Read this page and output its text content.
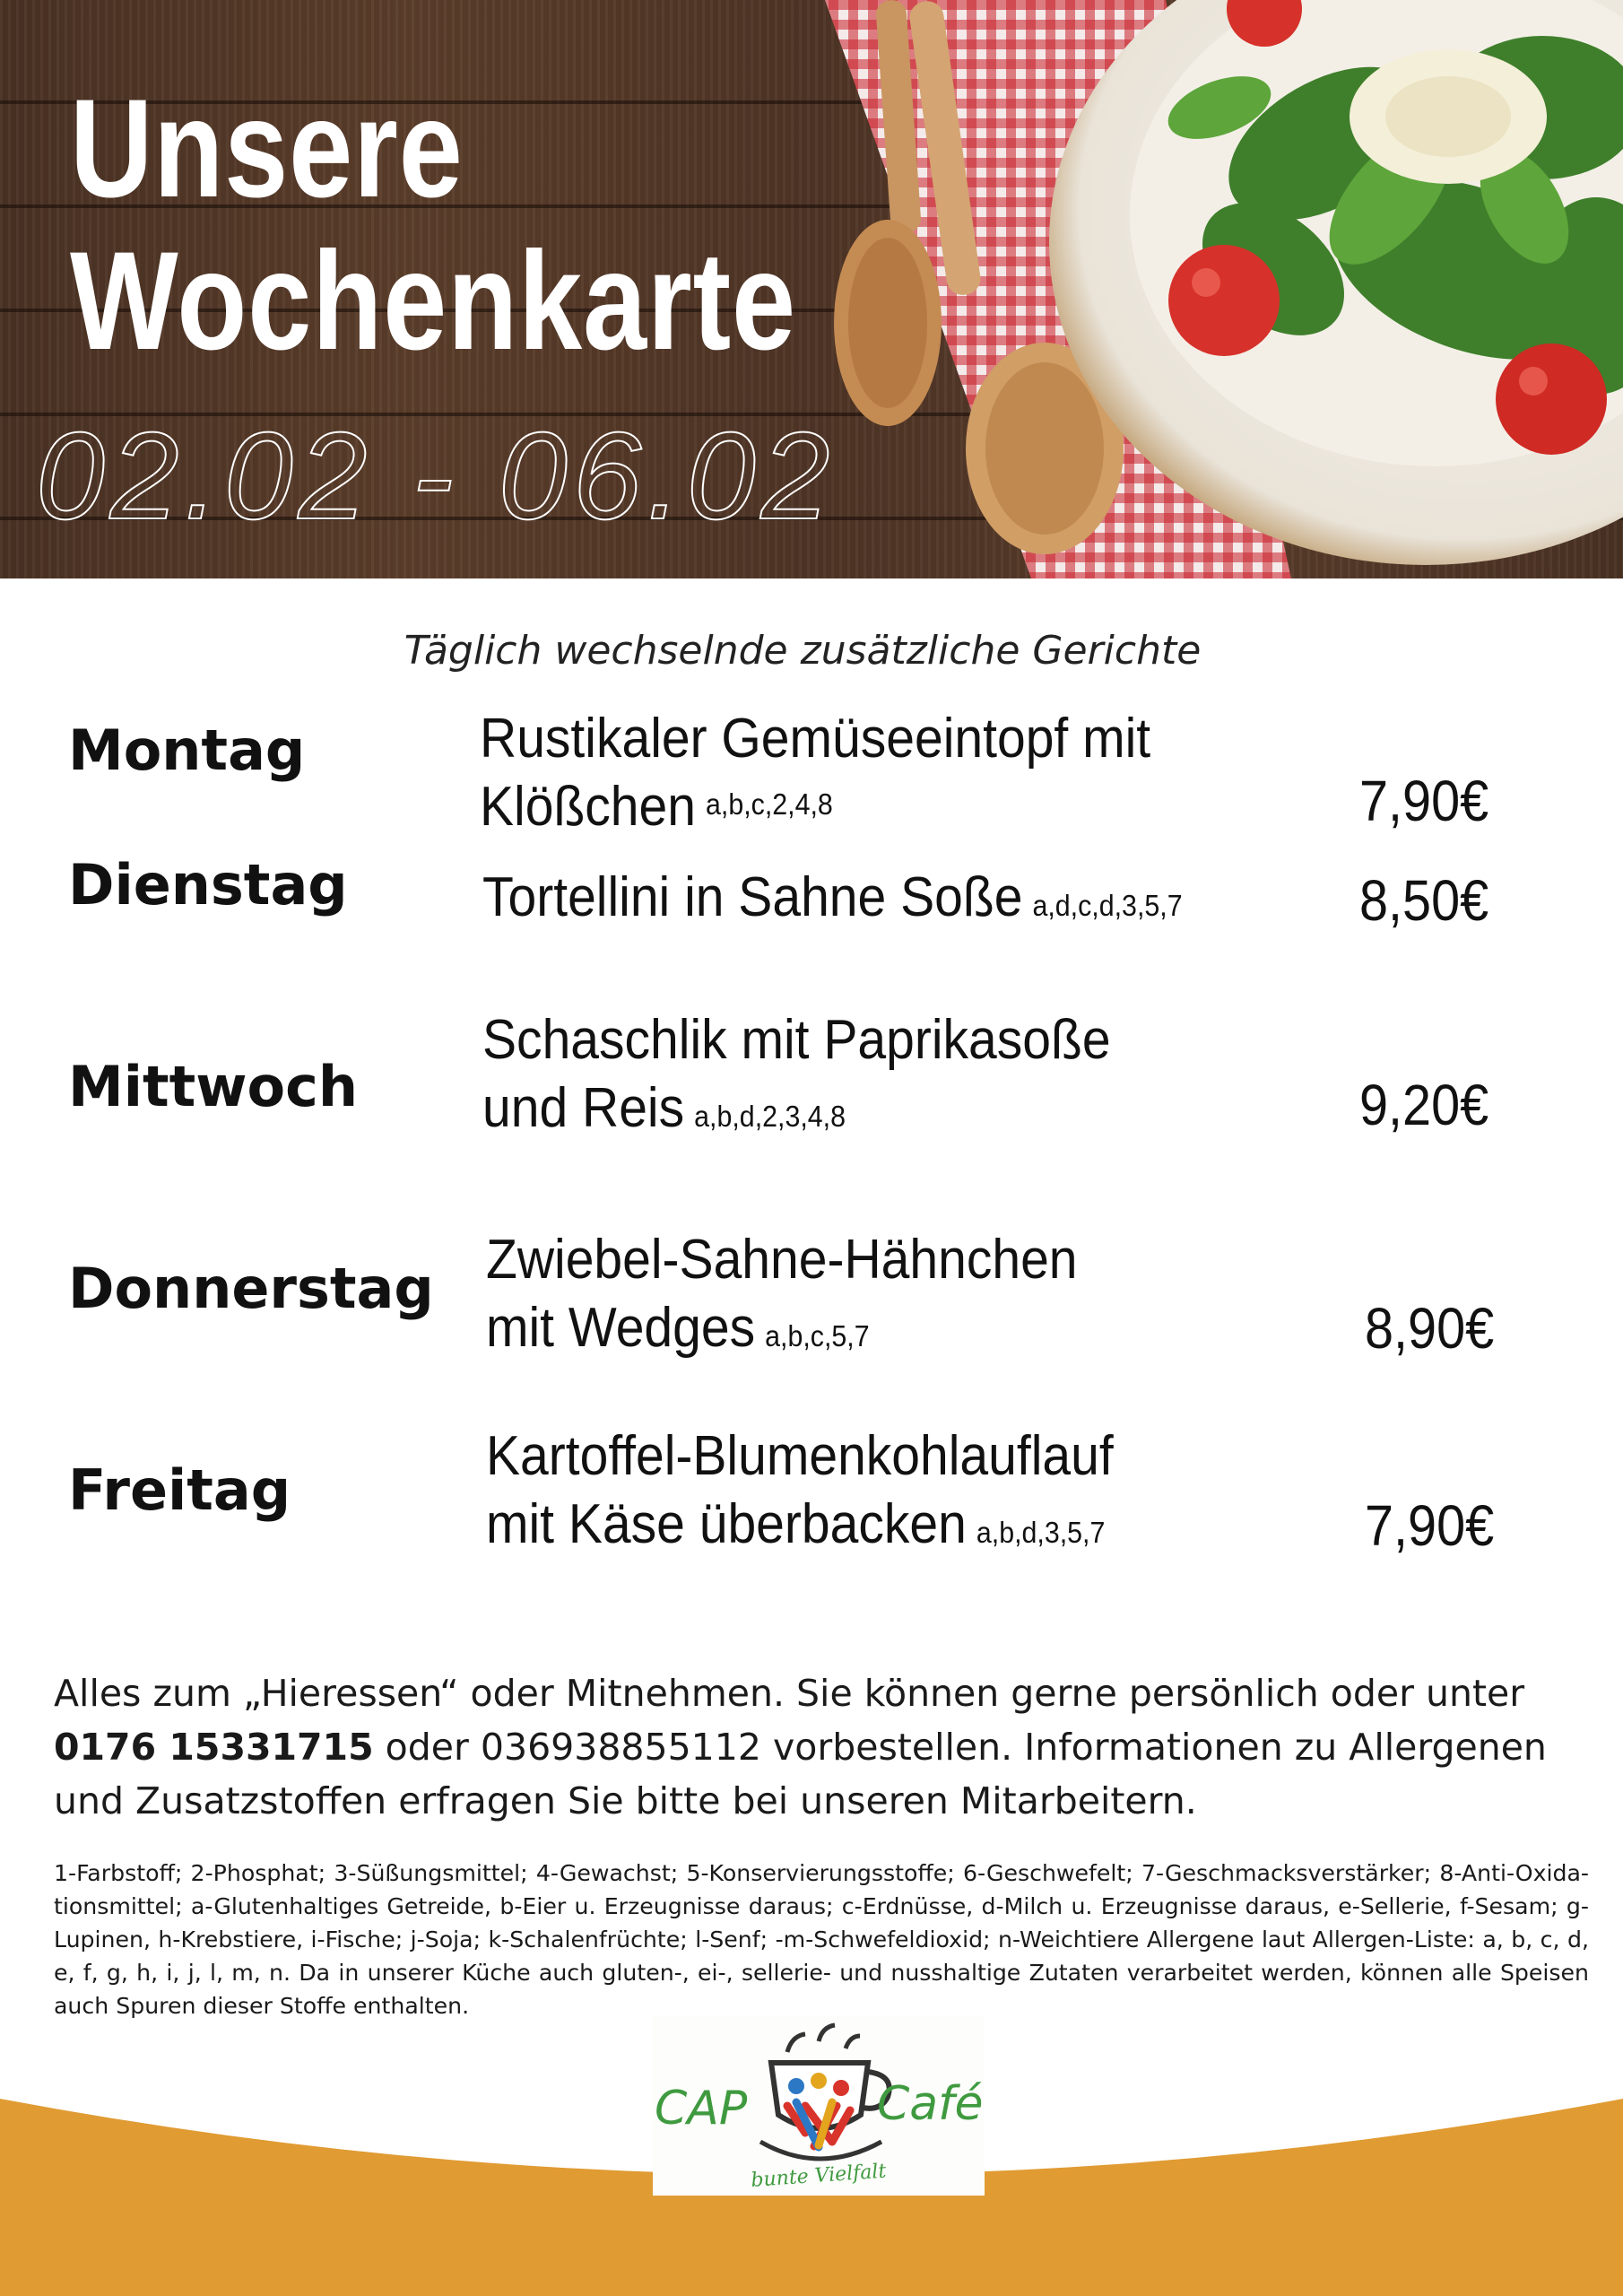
Unsere
Wochenkarte
02.02 - 06.02
Täglich wechselnde zusätzliche Gerichte
Montag	Rustikaler Gemüseeintopf mit
Klößchen a,b,c,2,4,8	7,90€
Dienstag Tortellini in Sahne Soße a,d,c,d,3,5,7	8,50€
Mittwoch
Schaschlik mit Paprikasoße
und Reis a,b,d,2,3,4,8	9,20€
Donnerstag Zwiebel-Sahne-Hähnchen
mit Wedges a,b,c,5,7	8,90€
Freitag
Kartoffel-Blumenkohlauflauf
mit Käse überbacken a,b,d,3,5,7	7,90€
Alles zum „Hieressen“ oder Mitnehmen. Sie können gerne persönlich oder unter 0176 15331715 oder 036938855112 vorbestellen. Informationen zu Allergenen und Zusatzstoffen erfragen Sie bitte bei unseren Mitarbeitern.
1-Farbstoff; 2-Phosphat; 3-Süßungsmittel; 4-Gewachst; 5-Konservierungsstoffe; 6-Geschwefelt; 7-Geschmacksverstärker; 8-Anti-Oxida-tionsmittel; a-Glutenhaltiges Getreide, b-Eier u. Erzeugnisse daraus; c-Erdnüsse, d-Milch u. Erzeugnisse daraus, e-Sellerie, f-Sesam; g-Lupinen, h-Krebstiere, i-Fische; j-Soja; k-Schalenfrüchte; l-Senf; -m-Schwefeldioxid; n-Weichtiere Allergene laut Allergen-Liste: a, b, c, d, e, f, g, h, i, j, l, m, n. Da in unserer Küche auch gluten-, ei-, sellerie- und nusshaltige Zutaten verarbeitet werden, können alle Speisen auch Spuren dieser Stoffe enthalten.
CAP	Café
bunte Vielfalt
